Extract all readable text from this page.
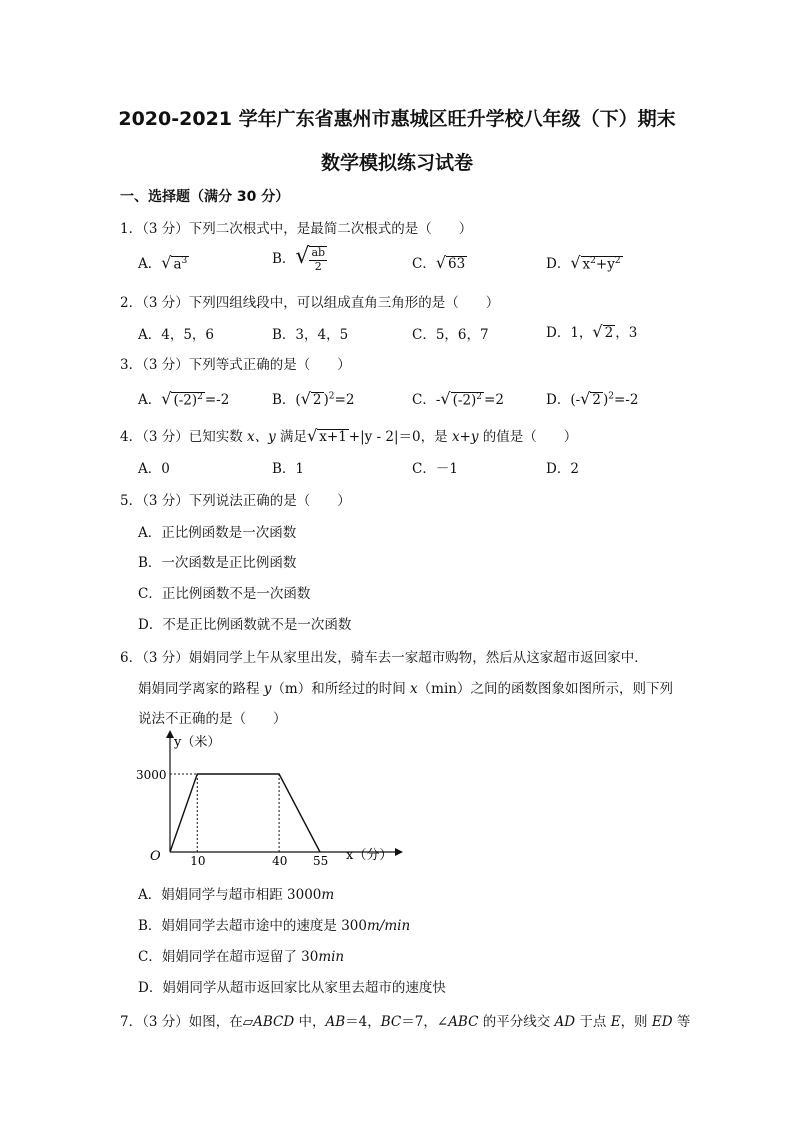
2020-2021 学年广东省惠州市惠城区旺升学校八年级（下）期末
数学模拟练习试卷
一、选择题（满分 30 分）
1．（3 分）下列二次根式中，是最简二次根式的是（　　）
A．√ $a^3$	B．√ $\frac{ab}{2}$	C．√ 63	D．√ $x^2+y^2$
2．（3 分）下列四组线段中，可以组成直角三角形的是（　　）
A．4，5，6	B．3，4，5	C．5，6，7	D．1，√ 2 ，3
3．（3 分）下列等式正确的是（　　）
A．√ $(-2)^2 =-2$	B．(√ 2 )$^2$=2	C．-√ $(-2)^2 =2$	D．(-√ 2 )$^2$=-2
4．（3 分）已知实数 x、y 满足√ x+1 +|y - 2|＝0，是 x+y 的值是（　　）
A．0	B．1	C．－1	D．2
5．（3 分）下列说法正确的是（　　）
A．正比例函数是一次函数
B．一次函数是正比例函数
C．正比例函数不是一次函数
D．不是正比例函数就不是一次函数
6．（3 分）娟娟同学上午从家里出发，骑车去一家超市购物，然后从这家超市返回家中．
娟娟同学离家的路程 y（m）和所经过的时间 x（min）之间的函数图象如图所示，则下列
说法不正确的是（　　）
y（米）
x（分）
O
3000
10	40 55
A．娟娟同学与超市相距 3000m
B．娟娟同学去超市途中的速度是 300m/min
C．娟娟同学在超市逗留了 30min
D．娟娟同学从超市返回家比从家里去超市的速度快
7．（3 分）如图，在▱ABCD 中，AB＝4，BC＝7，∠ABC 的平分线交 AD 于点 E，则 ED 等
